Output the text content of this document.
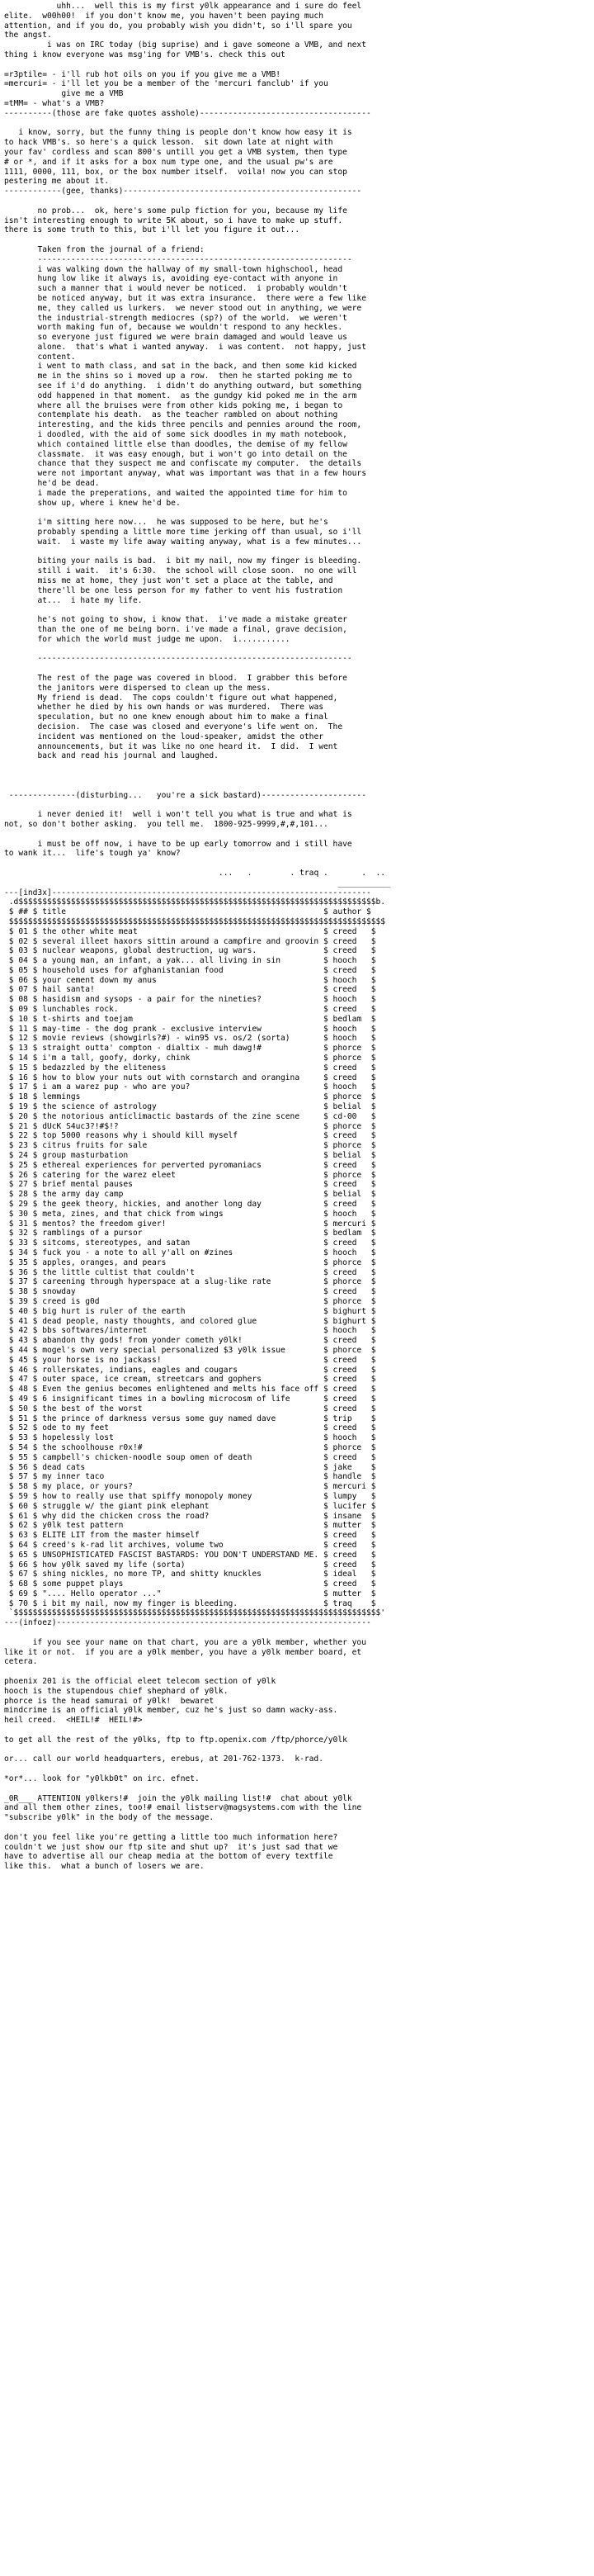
uhh...  well this is my first y0lk appearance and i sure do feel
elite.  w00h00!  if you don't know me, you haven't been paying much
attention, and if you do, you probably wish you didn't, so i'll spare you
the angst.
i was on IRC today (big suprise) and i gave someone a VMB, and next
thing i know everyone was msg'ing for VMB's. check this out

=r3ptile= - i'll rub hot oils on you if you give me a VMB!
=mercuri= - i'll let you be a member of the 'mercuri fanclub' if you
give me a VMB
=tMM= - what's a VMB?
----------(those are fake quotes asshole)------------------------------------

i know, sorry, but the funny thing is people don't know how easy it is
to hack VMB's. so here's a quick lesson.  sit down late at night with
your fav' cordless and scan 800's untill you get a VMB system, then type
# or *, and if it asks for a box num type one, and the usual pw's are
1111, 0000, 111, box, or the box number itself.  voila! now you can stop
pestering me about it.
------------(gee, thanks)--------------------------------------------------

no prob...  ok, here's some pulp fiction for you, because my life
isn't interesting enough to write 5K about, so i have to make up stuff.
there is some truth to this, but i'll let you figure it out...

Taken from the journal of a friend:
------------------------------------------------------------------
i was walking down the hallway of my small-town highschool, head
hung low like it always is, avoiding eye-contact with anyone in
such a manner that i would never be noticed.  i probably wouldn't
be noticed anyway, but it was extra insurance.  there were a few like
me, they called us lurkers.  we never stood out in anything, we were
the industrial-strength mediocres (sp?) of the world.  we weren't
worth making fun of, because we wouldn't respond to any heckles.
so everyone just figured we were brain damaged and would leave us
alone.  that's what i wanted anyway.  i was content.  not happy, just
content.
i went to math class, and sat in the back, and then some kid kicked
me in the shins so i moved up a row.  then he started poking me to
see if i'd do anything.  i didn't do anything outward, but something
odd happened in that moment.  as the gundgy kid poked me in the arm
where all the bruises were from other kids poking me, i began to
contemplate his death.  as the teacher rambled on about nothing
interesting, and the kids three pencils and pennies around the room,
i doodled, with the aid of some sick doodles in my math notebook,
which contained little else than doodles, the demise of my fellow
classmate.  it was easy enough, but i won't go into detail on the
chance that they suspect me and confiscate my computer.  the details
were not important anyway, what was important was that in a few hours
he'd be dead.
i made the preperations, and waited the appointed time for him to
show up, where i knew he'd be.

i'm sitting here now...  he was supposed to be here, but he's
probably spending a little more time jerking off than usual, so i'll
wait.  i waste my life away waiting anyway, what is a few minutes...

biting your nails is bad.  i bit my nail, now my finger is bleeding.
still i wait.  it's 6:30.  the school will close soon.  no one will
miss me at home, they just won't set a place at the table, and
there'll be one less person for my father to vent his fustration
at...  i hate my life.

he's not going to show, i know that.  i've made a mistake greater
than the one of me being born. i've made a final, grave decision,
for which the world must judge me upon.  i...........

------------------------------------------------------------------

The rest of the page was covered in blood.  I grabber this before
the janitors were dispersed to clean up the mess.
My friend is dead.  The cops couldn't figure out what happened,
whether he died by his own hands or was murdered.  There was
speculation, but no one knew enough about him to make a final
decision.  The case was closed and everyone's life went on.  The
incident was mentioned on the loud-speaker, amidst the other
announcements, but it was like no one heard it.  I did.  I went
back and read his journal and laughed.

--------------(disturbing...   you're a sick bastard)----------------------

i never denied it!  well i won't tell you what is true and what is
not, so don't bother asking.  you tell me.  1800-925-9999,#,#,101...

i must be off now, i have to be up early tomorrow and i still have
to wank it...  life's tough ya' know?

...   .        . traq .       .  ..
___________

---[ind3x]-------------------------------------------------------------------
.d$$$$$$$$$$$$$$$$$$$$$$$$$$$$$$$$$$$$$$$$$$$$$$$$$$$$$$$$$$$$$$$$$$$$$$$$$$$b.
$ ## $ title                                                      $ author $
$$$$$$$$$$$$$$$$$$$$$$$$$$$$$$$$$$$$$$$$$$$$$$$$$$$$$$$$$$$$$$$$$$$$$$$$$$$$$$$
$ 01 $ the other white meat                                       $ creed   $
$ 02 $ several illeet haxors sittin around a campfire and groovin $ creed   $
$ 03 $ nuclear weapons, global destruction, ug wars.              $ creed   $
$ 04 $ a young man, an infant, a yak... all living in sin         $ hooch   $
$ 05 $ household uses for afghanistanian food                     $ creed   $
$ 06 $ your cement down my anus                                   $ hooch   $
$ 07 $ hail santa!                                                $ creed   $
$ 08 $ hasidism and sysops - a pair for the nineties?             $ hooch   $
$ 09 $ lunchables rock.                                           $ creed   $
$ 10 $ t-shirts and toejam                                        $ bedlam  $
$ 11 $ may-time - the dog prank - exclusive interview             $ hooch   $
$ 12 $ movie reviews (showgirls?#) - win95 vs. os/2 (sorta)       $ hooch   $
$ 13 $ straight outta' compton - dialtix - muh dawg!#             $ phorce  $
$ 14 $ i'm a tall, goofy, dorky, chink                            $ phorce  $
$ 15 $ bedazzled by the eliteness                                 $ creed   $
$ 16 $ how to blow your nuts out with cornstarch and orangina     $ creed   $
$ 17 $ i am a warez pup - who are you?                            $ hooch   $
$ 18 $ lemmings                                                   $ phorce  $
$ 19 $ the science of astrology                                   $ belial  $
$ 20 $ the notorious anticlimactic bastards of the zine scene     $ cd-00   $
$ 21 $ dUcK S4uc3?!#$!?                                           $ phorce  $
$ 22 $ top 5000 reasons why i should kill myself                  $ creed   $
$ 23 $ citrus fruits for sale                                     $ phorce  $
$ 24 $ group masturbation                                         $ belial  $
$ 25 $ ethereal experiences for perverted pyromaniacs             $ creed   $
$ 26 $ catering for the warez eleet                               $ phorce  $
$ 27 $ brief mental pauses                                        $ creed   $
$ 28 $ the army day camp                                          $ belial  $
$ 29 $ the geek theory, hickies, and another long day             $ creed   $
$ 30 $ meta, zines, and that chick from wings                     $ hooch   $
$ 31 $ mentos? the freedom giver!                                 $ mercuri $
$ 32 $ ramblings of a pursor                                      $ bedlam  $
$ 33 $ sitcoms, stereotypes, and satan                            $ creed   $
$ 34 $ fuck you - a note to all y'all on #zines                   $ hooch   $
$ 35 $ apples, oranges, and pears                                 $ phorce  $
$ 36 $ the little cultist that couldn't                           $ creed   $
$ 37 $ careening through hyperspace at a slug-like rate           $ phorce  $
$ 38 $ snowday                                                    $ creed   $
$ 39 $ creed is g0d                                               $ phorce  $
$ 40 $ big hurt is ruler of the earth                             $ bighurt $
$ 41 $ dead people, nasty thoughts, and colored glue              $ bighurt $
$ 42 $ bbs softwares/internet                                     $ hooch   $
$ 43 $ abandon thy gods! from yonder cometh y0lk!                 $ creed   $
$ 44 $ mogel's own very special personalized $3 y0lk issue        $ phorce  $
$ 45 $ your horse is no jackass!                                  $ creed   $
$ 46 $ rollerskates, indians, eagles and cougars                  $ creed   $
$ 47 $ outer space, ice cream, streetcars and gophers             $ creed   $
$ 48 $ Even the genius becomes enlightened and melts his face off $ creed   $
$ 49 $ 6 insignificant times in a bowling microcosm of life       $ creed   $
$ 50 $ the best of the worst                                      $ creed   $
$ 51 $ the prince of darkness versus some guy named dave          $ trip    $
$ 52 $ ode to my feet                                             $ creed   $
$ 53 $ hopelessly lost                                            $ hooch   $
$ 54 $ the schoolhouse r0x!#                                      $ phorce  $
$ 55 $ campbell's chicken-noodle soup omen of death               $ creed   $
$ 56 $ dead cats                                                  $ jake    $
$ 57 $ my inner taco                                              $ handle  $
$ 58 $ my place, or yours?                                        $ mercuri $
$ 59 $ how to really use that spiffy monopoly money               $ lumpy   $
$ 60 $ struggle w/ the giant pink elephant                        $ lucifer $
$ 61 $ why did the chicken cross the road?                        $ insane  $
$ 62 $ y0lk test pattern                                          $ mutter  $
$ 63 $ ELITE LIT from the master himself                          $ creed   $
$ 64 $ creed's k-rad lit archives, volume two                     $ creed   $
$ 65 $ UNSOPHISTICATED FASCIST BASTARDS: YOU DON'T UNDERSTAND ME. $ creed   $
$ 66 $ how y0lk saved my life (sorta)                             $ creed   $
$ 67 $ shing nickles, no more TP, and shitty knuckles             $ ideal   $
$ 68 $ some puppet plays                                          $ creed   $
$ 69 $ ".... Hello operator ..."                                  $ mutter  $
$ 70 $ i bit my nail, now my finger is bleeding.                  $ traq    $
`$$$$$$$$$$$$$$$$$$$$$$$$$$$$$$$$$$$$$$$$$$$$$$$$$$$$$$$$$$$$$$$$$$$$$$$$$$$$$'
---(infoez)------------------------------------------------------------------

if you see your name on that chart, you are a y0lk member, whether you
like it or not.  if you are a y0lk member, you have a y0lk member board, et
cetera.

phoenix 201 is the official eleet telecom section of y0lk
hooch is the stupendous chief shephard of y0lk.
phorce is the head samurai of y0lk!  bewaret
mindcrime is an official y0lk member, cuz he's just so damn wacky-ass.
heil creed.  <HEIL!#  HEIL!#>

to get all the rest of the y0lks, ftp to ftp.openix.com /ftp/phorce/y0lk

or... call our world headquarters, erebus, at 201-762-1373.  k-rad.

*or*... look for "y0lkb0t" on irc. efnet.

_0R___ ATTENTION y0lkers!#  join the y0lk mailing list!#  chat about y0lk
and all them other zines, too!# email listserv@magsystems.com with the line
"subscribe y0lk" in the body of the message.

don't you feel like you're getting a little too much information here?
couldn't we just show our ftp site and shut up?  it's just sad that we
have to advertise all our cheap media at the bottom of every textfile
like this.  what a bunch of losers we are.
